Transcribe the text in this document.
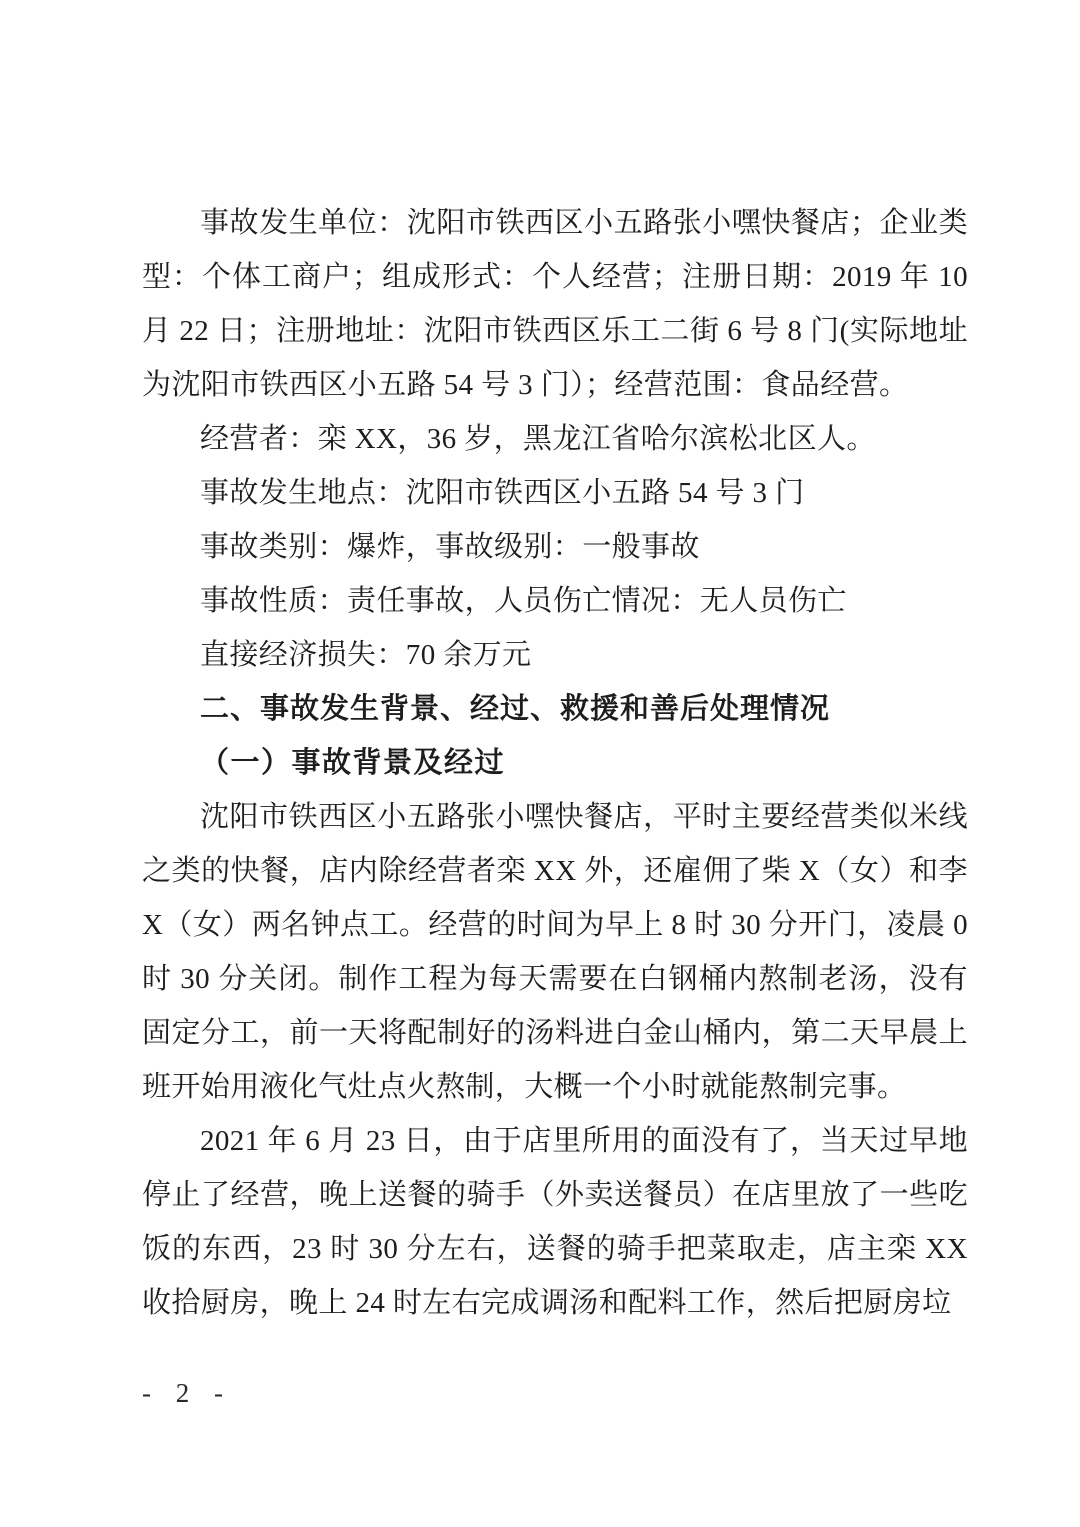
事故发生单位：沈阳市铁西区小五路张小嘿快餐店；企业类型：个体工商户；组成形式：个人经营；注册日期：2019 年 10 月 22 日；注册地址：沈阳市铁西区乐工二街 6 号 8 门(实际地址为沈阳市铁西区小五路 54 号 3 门）；经营范围：食品经营。

经营者：栾 XX，36 岁，黑龙江省哈尔滨松北区人。

事故发生地点：沈阳市铁西区小五路 54 号 3 门

事故类别：爆炸，事故级别：一般事故

事故性质：责任事故，人员伤亡情况：无人员伤亡

直接经济损失：70 余万元

二、事故发生背景、经过、救援和善后处理情况
（一）事故背景及经过

沈阳市铁西区小五路张小嘿快餐店，平时主要经营类似米线之类的快餐，店内除经营者栾 XX 外，还雇佣了柴 X（女）和李 X（女）两名钟点工。经营的时间为早上 8 时 30 分开门，凌晨 0 时 30 分关闭。制作工程为每天需要在白钢桶内熬制老汤，没有固定分工，前一天将配制好的汤料进白金山桶内，第二天早晨上班开始用液化气灶点火熬制，大概一个小时就能熬制完事。

2021 年 6 月 23 日，由于店里所用的面没有了，当天过早地停止了经营，晚上送餐的骑手（外卖送餐员）在店里放了一些吃饭的东西，23 时 30 分左右，送餐的骑手把菜取走，店主栾 XX 收拾厨房，晚上 24 时左右完成调汤和配料工作，然后把厨房垃

- 2 -
